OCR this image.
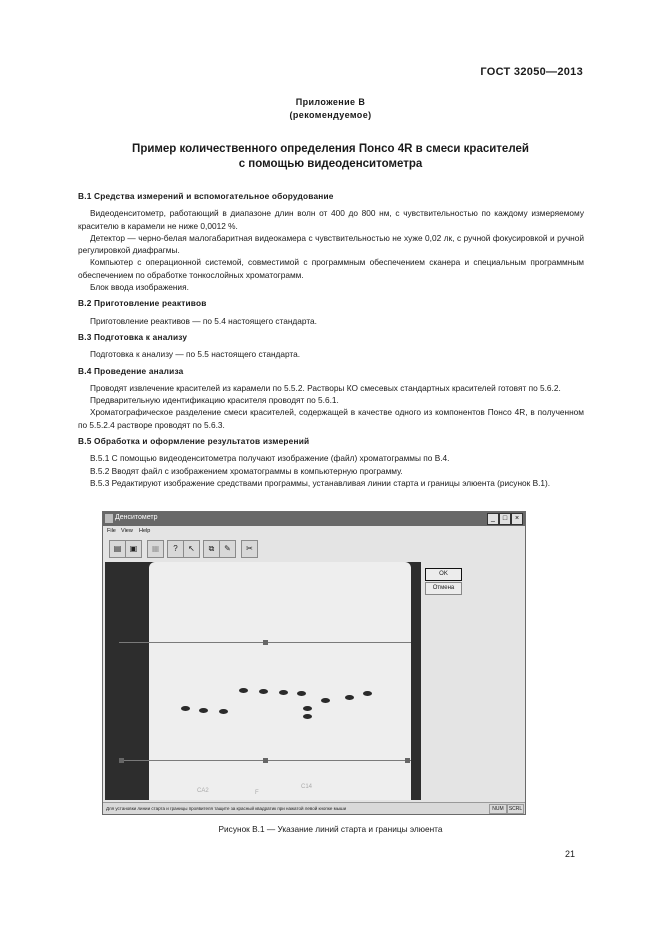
ГОСТ 32050—2013
Приложение В
(рекомендуемое)
Пример количественного определения Понсо 4R в смеси красителей
с помощью видеоденситометра

В.1 Средства измерений и вспомогательное оборудование

Видеоденситометр, работающий в диапазоне длин волн от 400 до 800 нм, с чувствительностью по каждому измеряемому красителю в карамели не ниже 0,0012 %.

Детектор — черно-белая малогабаритная видеокамера с чувствительностью не хуже 0,02 лк, с ручной фокусировкой и ручной регулировкой диафрагмы.

Компьютер с операционной системой, совместимой с программным обеспечением сканера и специальным программным обеспечением по обработке тонкослойных хроматограмм.

Блок ввода изображения.

В.2 Приготовление реактивов

Приготовление реактивов — по 5.4 настоящего стандарта.

В.3 Подготовка к анализу

Подготовка к анализу — по 5.5 настоящего стандарта.

В.4 Проведение анализа

Проводят извлечение красителей из карамели по 5.5.2. Растворы КО смесевых стандартных красителей готовят по 5.6.2.

Предварительную идентификацию красителя проводят по 5.6.1.

Хроматографическое разделение смеси красителей, содержащей в качестве одного из компонентов Понсо 4R, в полученном по 5.5.2.4 растворе проводят по 5.6.3.

В.5 Обработка и оформление результатов измерений

В.5.1 С помощью видеоденситометра получают изображение (файл) хроматограммы по В.4.

В.5.2 Вводят файл с изображением хроматограммы в компьютерную программу.

В.5.3 Редактируют изображение средствами программы, устанавливая линии старта и границы элюента (рисунок В.1).

Денситометр	_	□	×
File View Help
▤	▣	▦	?	↖	⧉	✎	✂
CA2	F
C14
OK
Отмена
Для установки линии старта и границы проявителя тащите за красный квадратик при нажатой левой кнопке мыши	NUM	SCRL
Рисунок В.1 — Указание линий старта и границы элюента
21
